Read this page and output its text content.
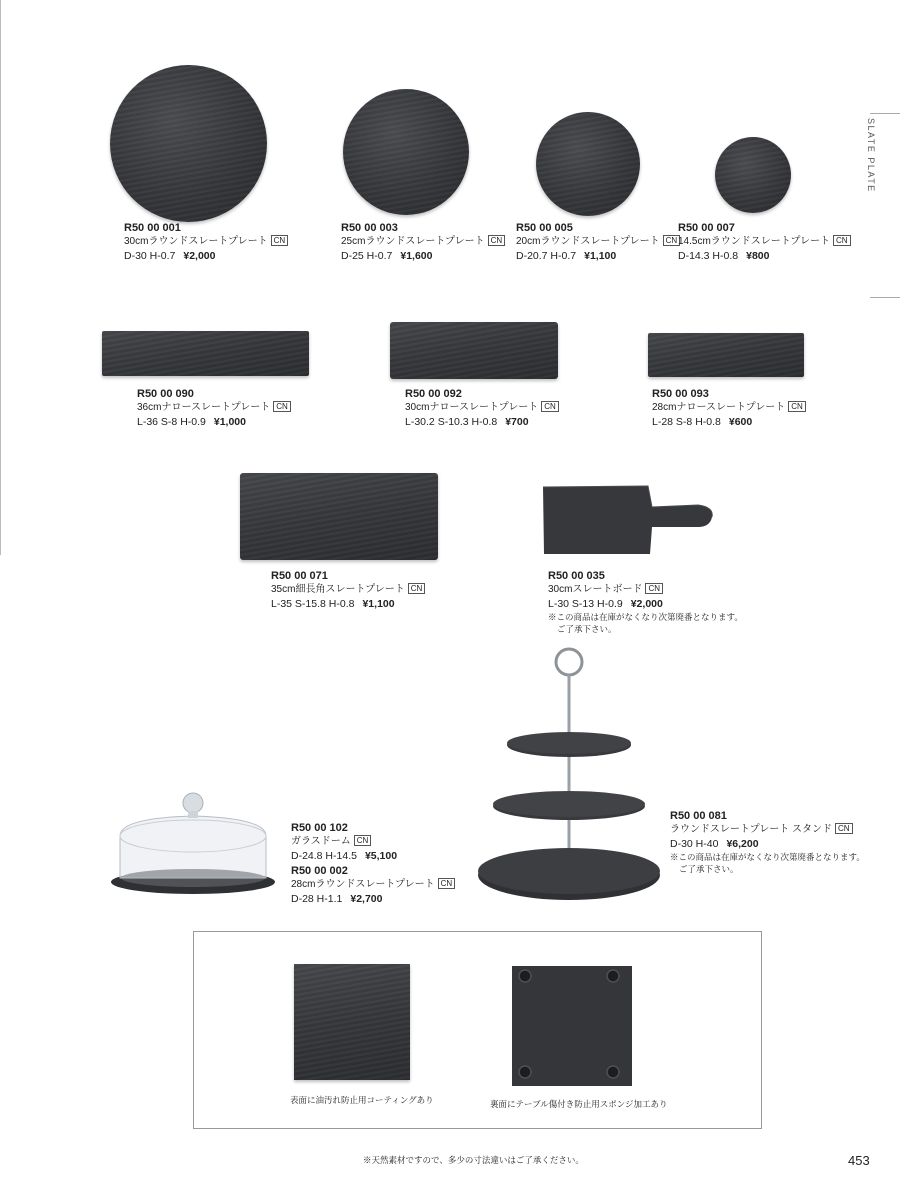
SLATE PLATE
R50 00 001
30cmラウンドスレートプレート CN
D-30 H-0.7 ¥2,000
R50 00 003
25cmラウンドスレートプレート CN
D-25 H-0.7 ¥1,600
R50 00 005
20cmラウンドスレートプレート CN
D-20.7 H-0.7 ¥1,100
R50 00 007
14.5cmラウンドスレートプレート CN
D-14.3 H-0.8 ¥800
R50 00 090
36cmナロースレートプレート CN
L-36 S-8 H-0.9 ¥1,000
R50 00 092
30cmナロースレートプレート CN
L-30.2 S-10.3 H-0.8 ¥700
R50 00 093
28cmナロースレートプレート CN
L-28 S-8 H-0.8 ¥600
R50 00 071
35cm細長角スレートプレート CN
L-35 S-15.8 H-0.8 ¥1,100
R50 00 035
30cmスレートボード CN
L-30 S-13 H-0.9 ¥2,000
※この商品は在庫がなくなり次第廃番となります。
ご了承下さい。
R50 00 102
ガラスドーム CN
D-24.8 H-14.5 ¥5,100
R50 00 002
28cmラウンドスレートプレート CN
D-28 H-1.1 ¥2,700
R50 00 081
ラウンドスレートプレート スタンド CN
D-30 H-40 ¥6,200
※この商品は在庫がなくなり次第廃番となります。
ご了承下さい。
表面に油汚れ防止用コーティングあり	裏面にテーブル傷付き防止用スポンジ加工あり
※天然素材ですので、多少の寸法違いはご了承ください。	453
